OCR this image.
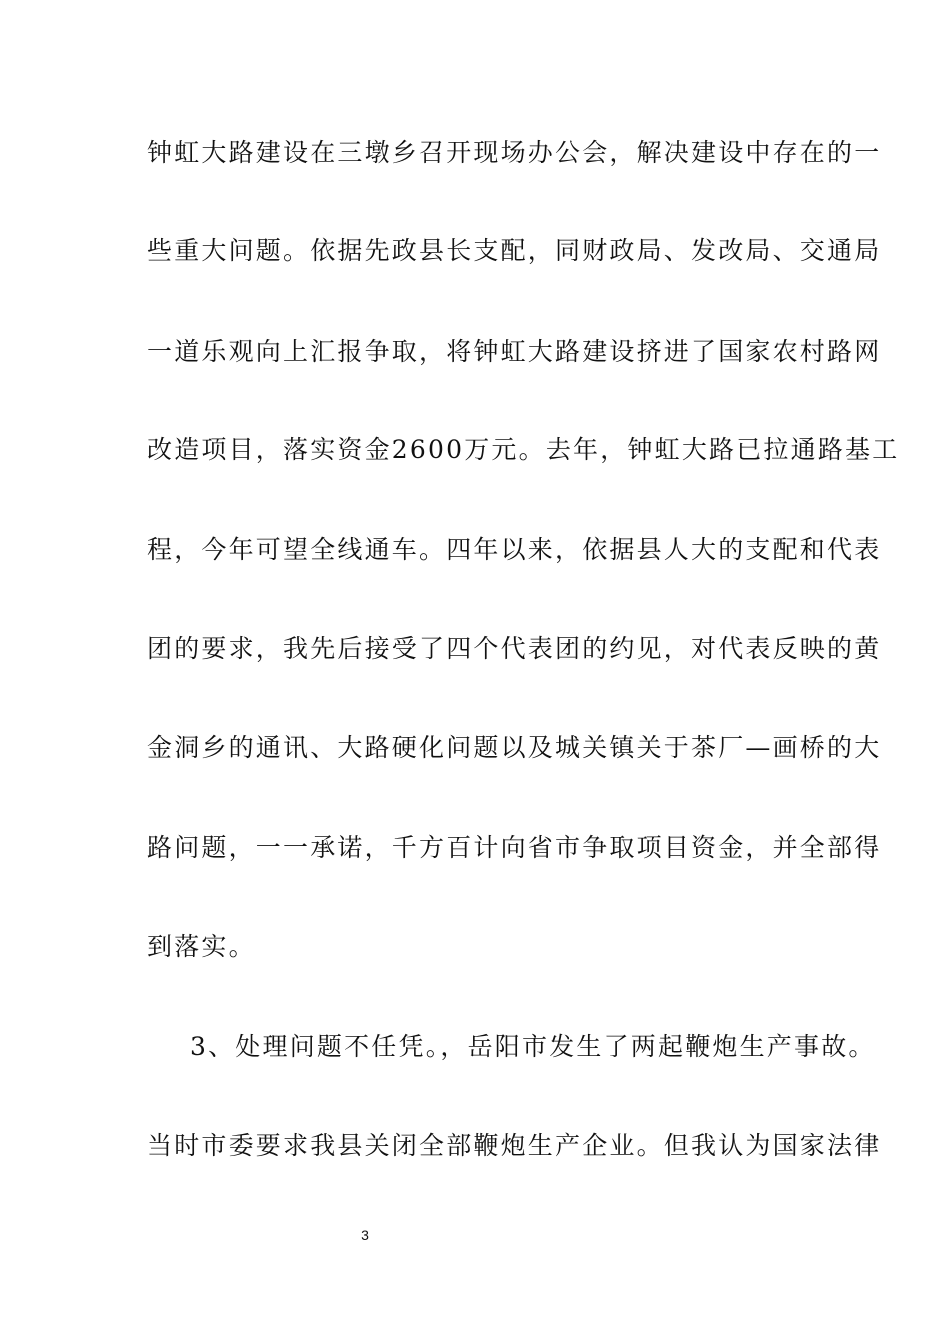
钟虹大路建设在三墩乡召开现场办公会，解决建设中存在的一
些重大问题。依据先政县长支配，同财政局、发改局、交通局
一道乐观向上汇报争取，将钟虹大路建设挤进了国家农村路网
改造项目，落实资金2600万元。去年，钟虹大路已拉通路基工
程，今年可望全线通车。四年以来，依据县人大的支配和代表
团的要求，我先后接受了四个代表团的约见，对代表反映的黄
金洞乡的通讯、大路硬化问题以及城关镇关于茶厂—画桥的大
路问题，一一承诺，千方百计向省市争取项目资金，并全部得
到落实。
3、处理问题不任凭。，岳阳市发生了两起鞭炮生产事故。
当时市委要求我县关闭全部鞭炮生产企业。但我认为国家法律
3
